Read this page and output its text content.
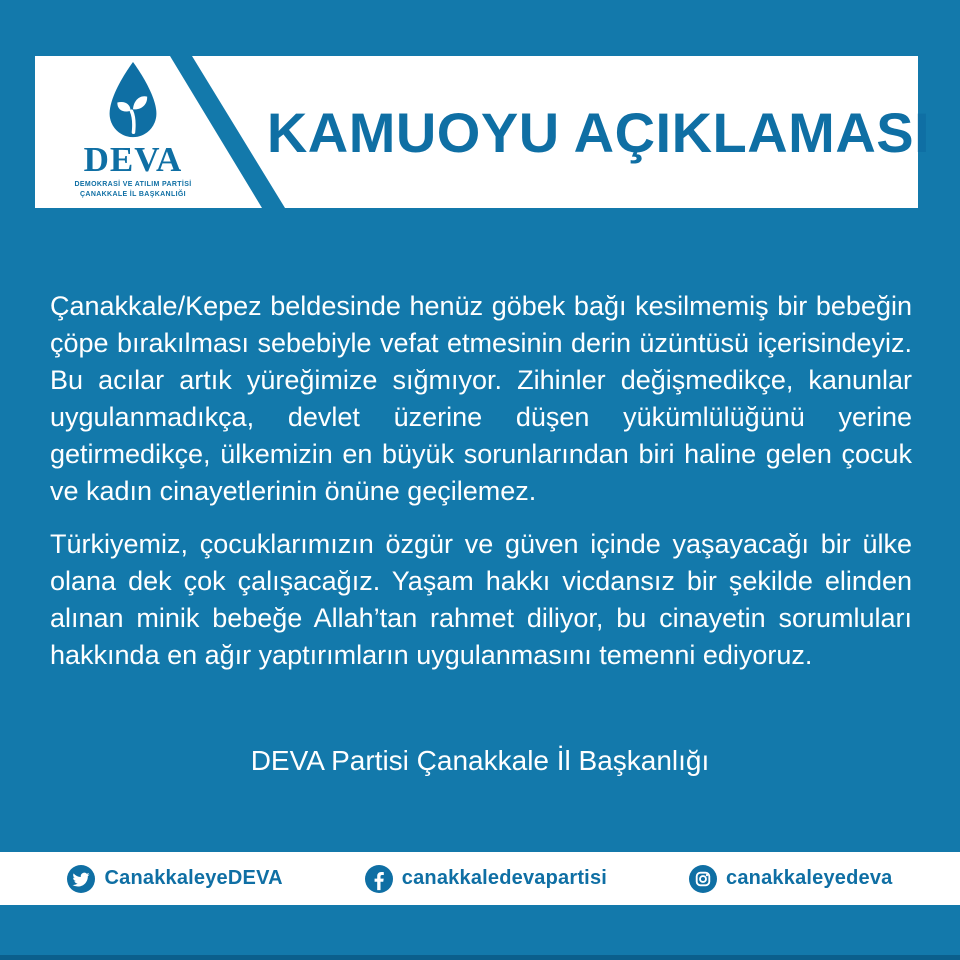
DEVA
DEMOKRASİ VE ATILIM PARTİSİ
ÇANAKKALE İL BAŞKANLIĞI
KAMUOYU AÇIKLAMASI

Çanakkale/Kepez beldesinde henüz göbek bağı kesilmemiş bir bebeğin çöpe bırakılması sebebiyle vefat etmesinin derin üzüntüsü içerisindeyiz. Bu acılar artık yüreğimize sığmıyor. Zihinler değişmedikçe, kanunlar uygulanmadıkça, devlet üzerine düşen yükümlülüğünü yerine getirmedikçe, ülkemizin en büyük sorunlarından biri haline gelen çocuk ve kadın cinayetlerinin önüne geçilemez.

Türkiyemiz, çocuklarımızın özgür ve güven içinde yaşayacağı bir ülke olana dek çok çalışacağız. Yaşam hakkı vicdansız bir şekilde elinden alınan minik bebeğe Allah’tan rahmet diliyor, bu cinayetin sorumluları hakkında en ağır yaptırımların uygulanmasını temenni ediyoruz.

DEVA Partisi Çanakkale İl Başkanlığı
CanakkaleyeDEVA	canakkaledevapartisi	canakkaleyedeva
